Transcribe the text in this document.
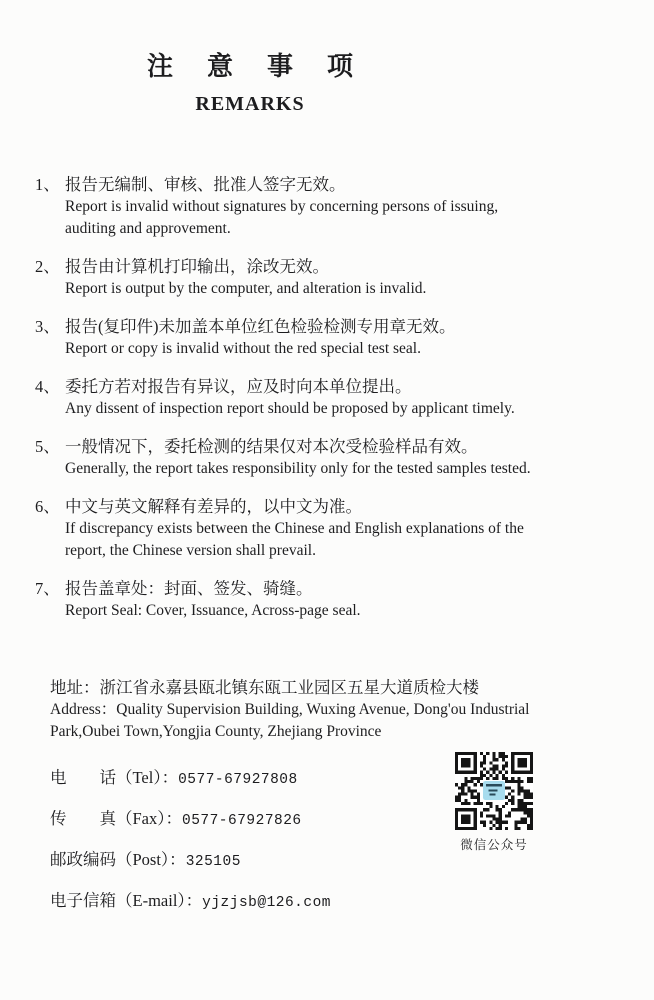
注意事项
REMARKS
1、 报告无编制、审核、批准人签字无效。
Report is invalid without signatures by concerning persons of issuing,
auditing and approvement.
2、 报告由计算机打印输出，涂改无效。
Report is output by the computer, and alteration is invalid.
3、 报告(复印件)未加盖本单位红色检验检测专用章无效。
Report or copy is invalid without the red special test seal.
4、 委托方若对报告有异议，应及时向本单位提出。
Any dissent of inspection report should be proposed by applicant timely.
5、 一般情况下，委托检测的结果仅对本次受检验样品有效。
Generally, the report takes responsibility only for the tested samples tested.
6、 中文与英文解释有差异的，以中文为准。
If discrepancy exists between the Chinese and English explanations of the
report, the Chinese version shall prevail.
7、 报告盖章处：封面、签发、骑缝。
Report Seal: Cover, Issuance, Across-page seal.
地址：浙江省永嘉县瓯北镇东瓯工业园区五星大道质检大楼
Address：Quality Supervision Building, Wuxing Avenue, Dong'ou Industrial
Park,Oubei Town,Yongjia County, Zhejiang Province
电　　话（Tel）：0577-67927808
传　　真（Fax）：0577-67927826
邮政编码（Post）：325105
电子信箱（E-mail）：yjzjsb@126.com
微信公众号
